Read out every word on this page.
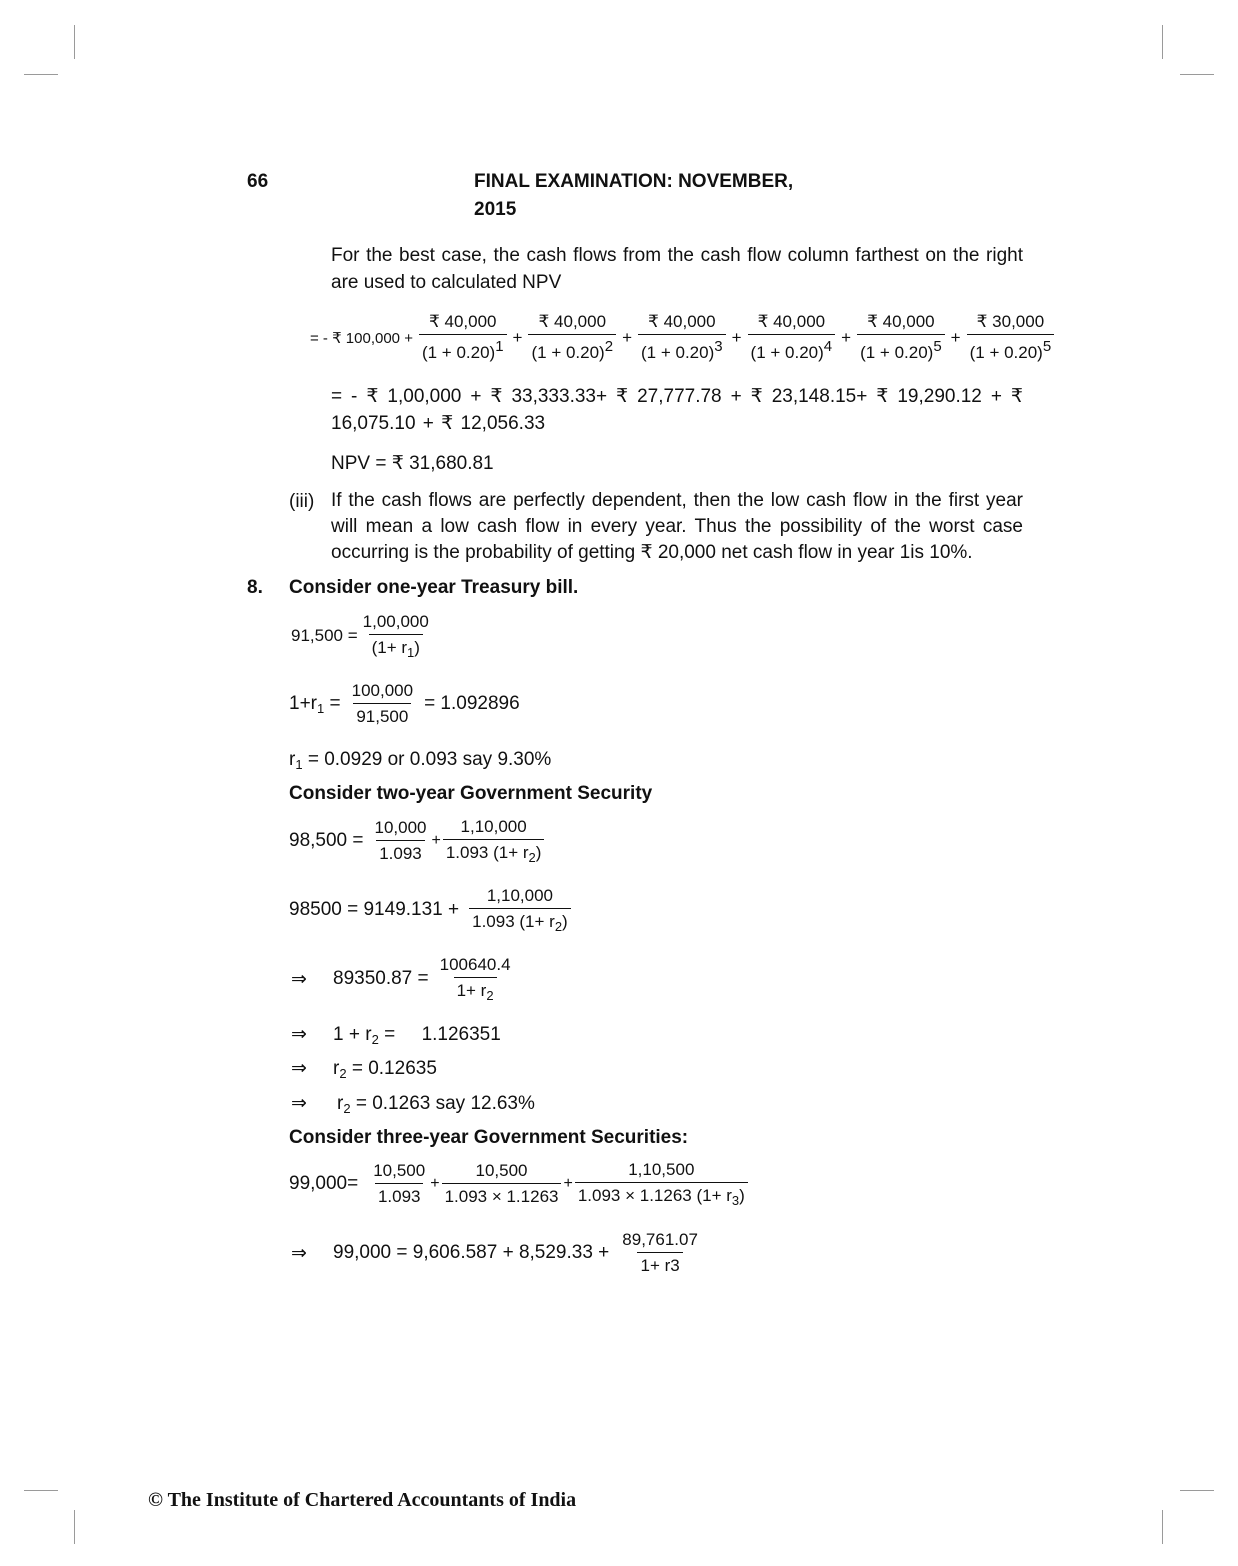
66	FINAL EXAMINATION: NOVEMBER, 2015
For the best case, the cash flows from the cash flow column farthest on the right are used to calculated NPV
= - ₹ $100,000 + \frac{₹ 40,000}{(1 + 0.20)1} + \frac{₹ 40,000}{(1 + 0.20)2} + \frac{₹ 40,000}{(1 + 0.20)3} + \frac{₹ 40,000}{(1 + 0.20)4} + \frac{₹ 40,000}{(1 + 0.20)5} + \frac{₹ 30,000}{(1 + 0.20)5}$
= - ₹ 1,00,000 + ₹ 33,333.33+ ₹ 27,777.78 + ₹ 23,148.15+ ₹ 19,290.12 + ₹ 16,075.10 + ₹ 12,056.33
NPV = ₹ 31,680.81
(iii) If the cash flows are perfectly dependent, then the low cash flow in the first year will mean a low cash flow in every year. Thus the possibility of the worst case occurring is the probability of getting ₹ 20,000 net cash flow in year 1is 10%.
8. Consider one-year Treasury bill.
$91,500 = \frac{1,00,000}{(1+ r_1)}$
$1+r_1 = \frac{100,000}{91,500} = 1.092896$
$r_1 = 0.0929$ or 0.093 say 9.30%
Consider two-year Government Security
$98,500 = \frac{10,000}{1.093} + \frac{1,10,000}{1.093 (1+ r_2)}$
$98500 = 9149.131 + \frac{1,10,000}{1.093 (1+ r_2)}$
⇒	$89350.87 = \frac{100640.4}{1+ r_2}$
⇒ $1 + r_2$ =     1.126351
⇒ $r_2 = 0.12635$
⇒ $r_2 = 0.1263$ say 12.63%
Consider three-year Government Securities:
$99,000= \frac{10,500}{1.093} + \frac{10,500}{1.093 \times 1.1263} + \frac{1,10,500}{1.093 \times 1.1263 (1+ r_3)}$
⇒	$99,000 = 9,606.587 + 8,529.33 + \frac{89,761.07}{1+ r3}$
© The Institute of Chartered Accountants of India
